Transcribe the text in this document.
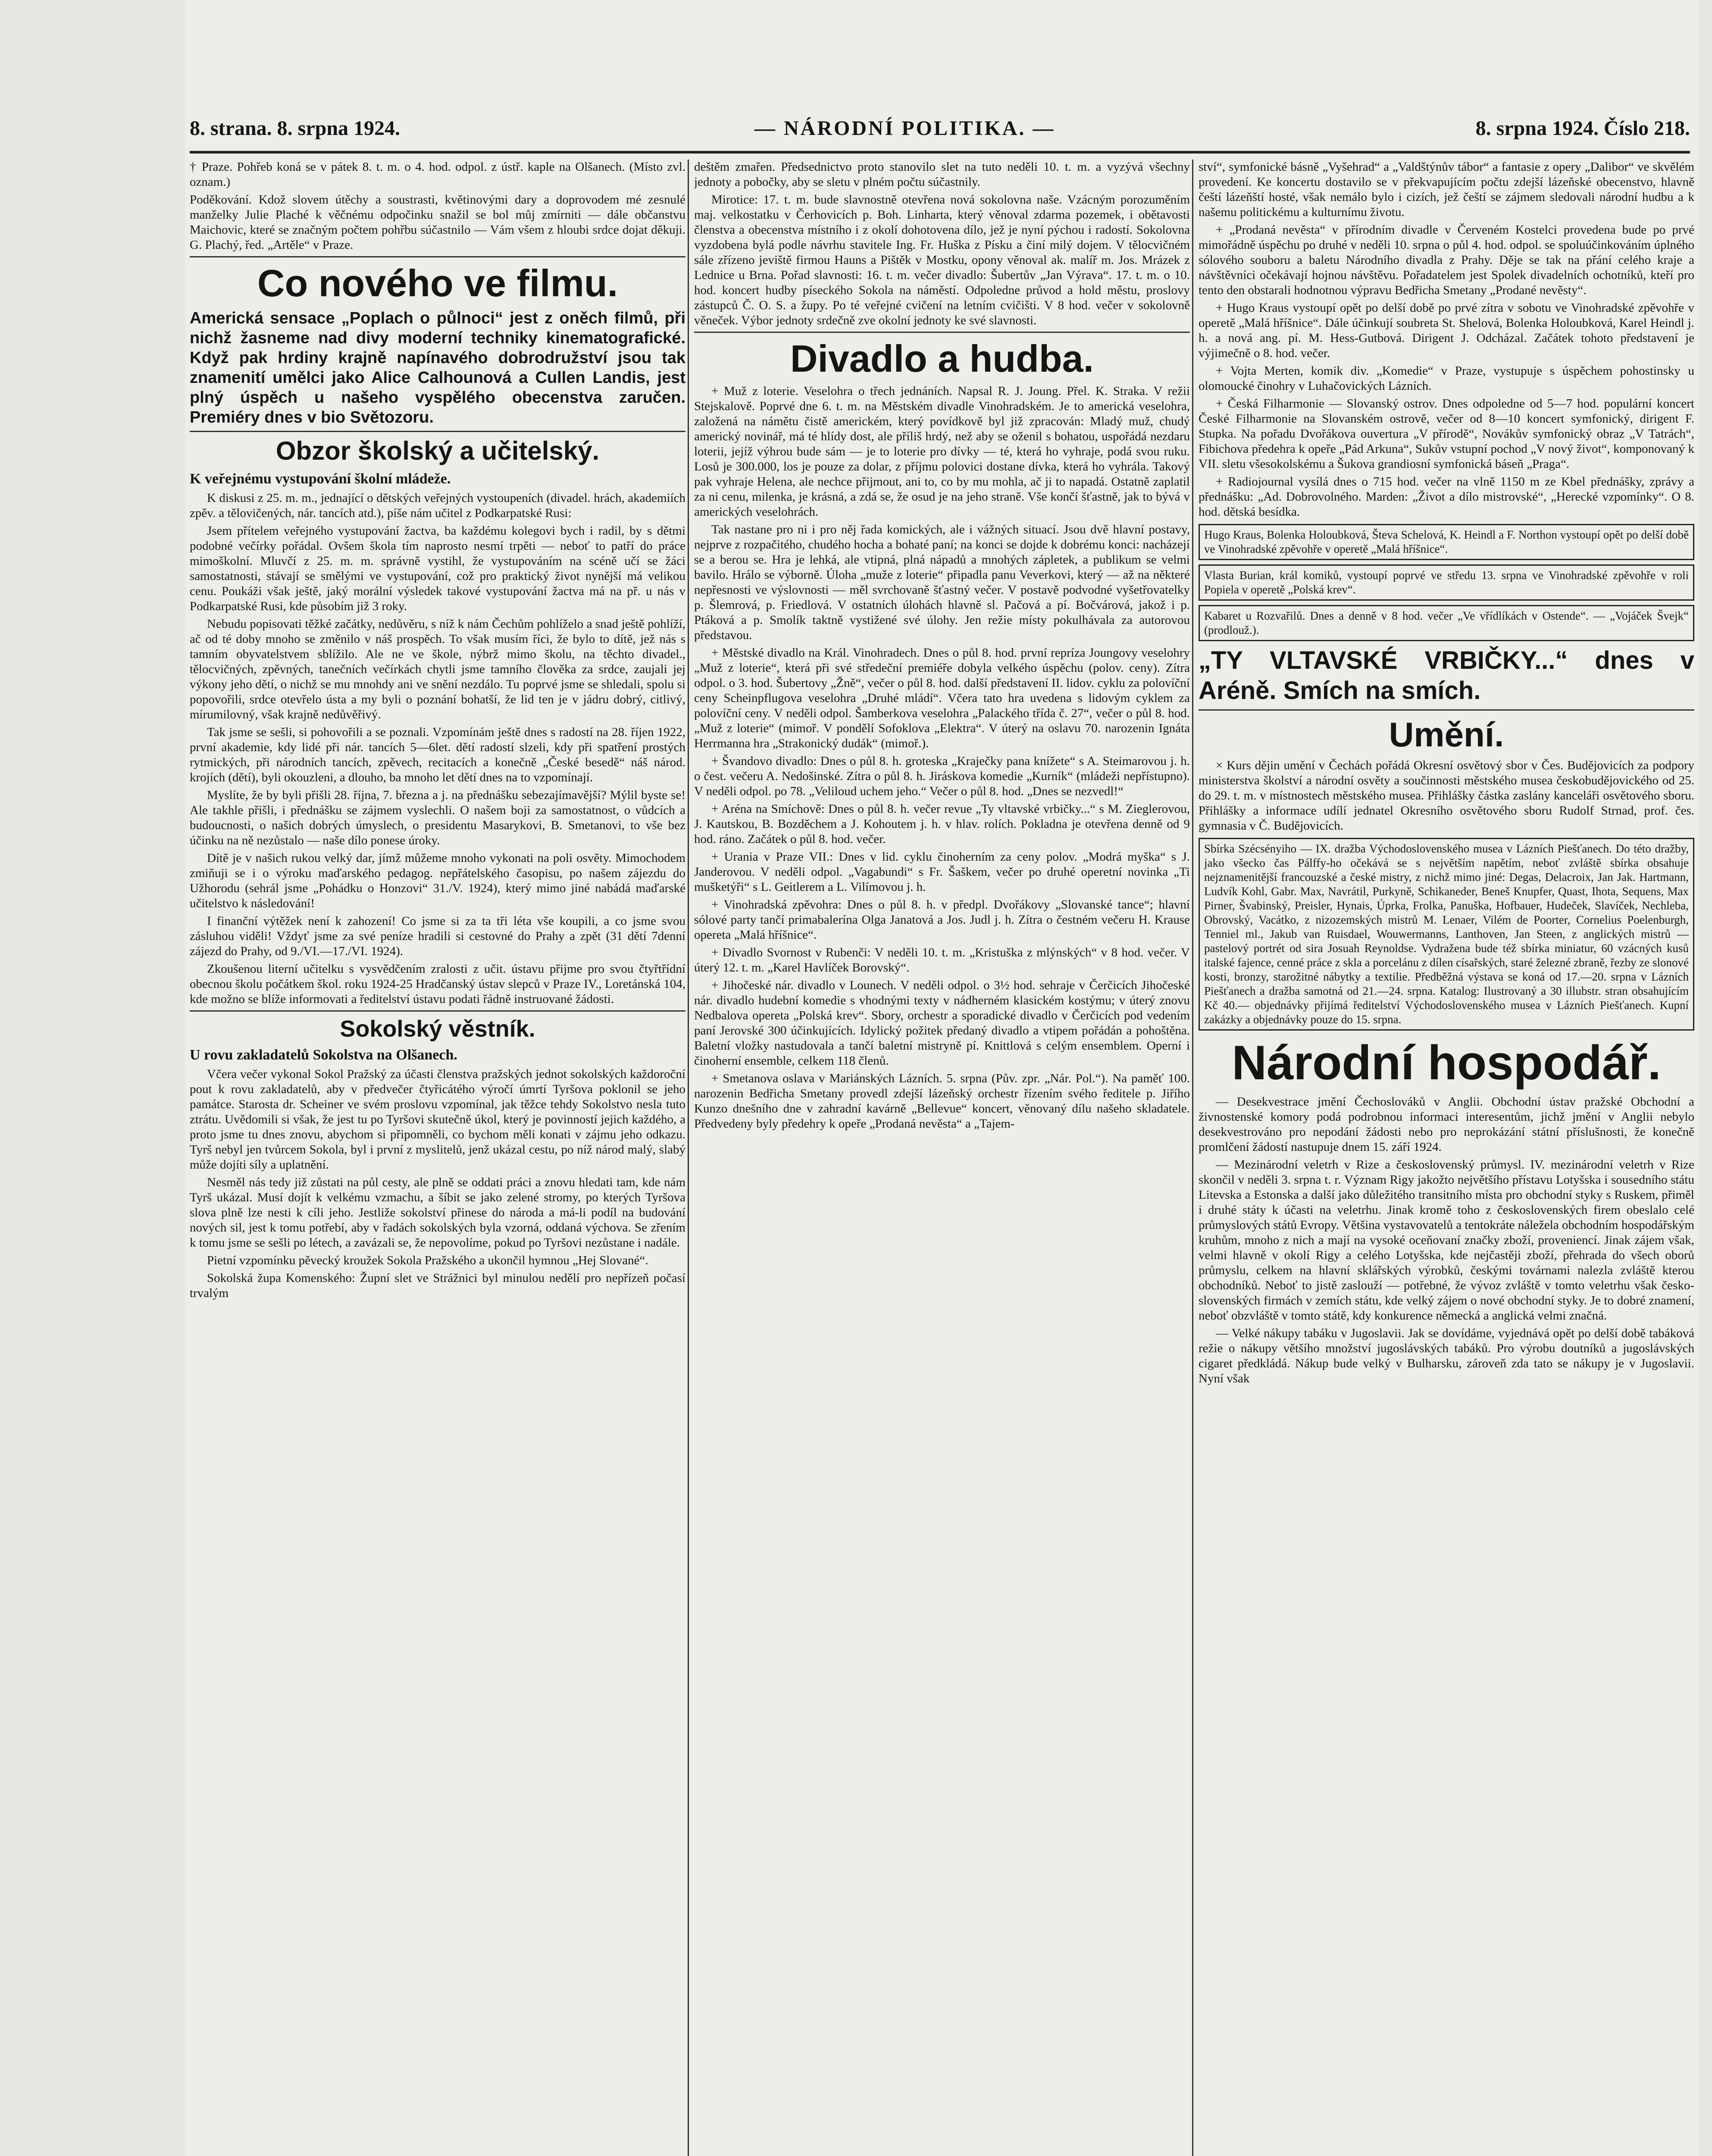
8. strana. 8. srpna 1924.	— NÁRODNÍ POLITIKA. —	8. srpna 1924. Číslo 218.

† Praze. Pohřeb koná se v pátek 8. t. m. o 4. hod. odpol. z ústř. kaple na Olšanech. (Místo zvl. oznam.)

Poděkování. Kdož slovem útěchy a soustrasti, květinovými dary a doprovodem mé zesnulé manželky Julie Plaché k věčnému odpočinku snažil se bol můj zmírniti — dále občanstvu Maichovic, které se značným počtem pohřbu súčastnilo — Vám všem z hloubi srdce dojat děkuji. G. Plachý, řed. „Artěle“ v Praze.

Co nového ve filmu.

Americká sensace „Poplach o půlnoci“ jest z oněch filmů, při nichž žasneme nad divy moderní techniky kinematografické. Když pak hrdiny krajně napínavého dobrodružství jsou tak znamenití umělci jako Alice Calhounová a Cullen Landis, jest plný úspěch u našeho vyspělého obecenstva zaručen. Premiéry dnes v bio Světozoru.

Obzor školský a učitelský.
K veřejnému vystupování školní mládeže.

K diskusi z 25. m. m., jednající o dětských veřejných vystoupeních (divadel. hrách, akademiích zpěv. a tělovičených, nár. tancích atd.), píše nám učitel z Podkarpatské Rusi:

Jsem přítelem veřejného vystupování žactva, ba každému kolegovi bych i radil, by s dětmi podobné večírky pořádal. Ovšem škola tím naprosto nesmí trpěti — neboť to patří do práce mimoškolní. Mluvčí z 25. m. m. správně vystihl, že vystupováním na scéně učí se žáci samostatnosti, stávají se smělými ve vystupování, což pro praktický život nynější má velikou cenu. Poukáži však ještě, jaký morální výsledek takové vystupování žactva má na př. u nás v Podkarpatské Rusi, kde působím již 3 roky.

Nebudu popisovati těžké začátky, nedůvěru, s níž k nám Čechům pohlíželo a snad ještě pohlíží, ač od té doby mnoho se změnilo v náš prospěch. To však musím říci, že bylo to dítě, jež nás s tamním obyvatelstvem sblížilo. Ale ne ve škole, nýbrž mimo školu, na těchto divadel., tělocvičných, zpěvných, tanečních večírkách chytli jsme tamního člověka za srdce, zaujali jej výkony jeho dětí, o nichž se mu mnohdy ani ve snění nezdálo. Tu poprvé jsme se shledali, spolu si popovořili, srdce otevřelo ústa a my byli o poznání bohatší, že lid ten je v jádru dobrý, citlivý, mírumilovný, však krajně nedůvěřivý.

Tak jsme se sešli, si pohovořili a se poznali. Vzpomínám ještě dnes s radostí na 28. říjen 1922, první akademie, kdy lidé při nár. tancích 5—6let. dětí radostí slzeli, kdy při spatření prostých rytmických, při národních tancích, zpěvech, recitacích a konečně „České besedě“ náš národ. krojích (dětí), byli okouzleni, a dlouho, ba mnoho let dětí dnes na to vzpomínají.

Myslíte, že by byli přišli 28. října, 7. března a j. na přednášku sebezajímavější? Mýlil byste se! Ale takhle přišli, i přednášku se zájmem vyslechli. O našem boji za samostatnost, o vůdcích a budoucnosti, o našich dobrých úmyslech, o presidentu Masarykovi, B. Smetanovi, to vše bez účinku na ně nezůstalo — naše dílo ponese úroky.

Dítě je v našich rukou velký dar, jímž můžeme mnoho vykonati na poli osvěty. Mimochodem zmiňuji se i o výroku maďarského pedagog. nepřátelského časopisu, po našem zájezdu do Užhorodu (sehrál jsme „Pohádku o Honzovi“ 31./V. 1924), který mimo jiné nabádá maďarské učitelstvo k následování!

I finanční výtěžek není k zahození! Co jsme si za ta tři léta vše koupili, a co jsme svou zásluhou viděli! Vždyť jsme za své peníze hradili si cestovné do Prahy a zpět (31 dětí 7denní zájezd do Prahy, od 9./VI.—17./VI. 1924).

Zkoušenou literní učitelku s vysvědčením zralosti z učit. ústavu přijme pro svou čtyřtřídní obecnou školu počátkem škol. roku 1924-25 Hradčanský ústav slepců v Praze IV., Loretánská 104, kde možno se blíže informovati a ředitelství ústavu podati řádně instruované žádosti.

Sokolský věstník.
U rovu zakladatelů Sokolstva na Olšanech.

Včera večer vykonal Sokol Pražský za účasti členstva pražských jednot sokolských každoroční pout k rovu zakladatelů, aby v předvečer čtyřicátého výročí úmrtí Tyršova poklonil se jeho památce. Starosta dr. Scheiner ve svém proslovu vzpomínal, jak těžce tehdy Sokolstvo nesla tuto ztrátu. Uvědomili si však, že jest tu po Tyršovi skutečně úkol, který je povinností jejich každého, a proto jsme tu dnes znovu, abychom si připomněli, co bychom měli konati v zájmu jeho odkazu. Tyrš nebyl jen tvůrcem Sokola, byl i první z myslitelů, jenž ukázal cestu, po níž národ malý, slabý může dojíti síly a uplatnění.

Nesměl nás tedy již zůstati na půl cesty, ale plně se oddati práci a znovu hledati tam, kde nám Tyrš ukázal. Musí dojít k velkému vzmachu, a šíbit se jako zelené stromy, po kterých Tyršova slova plně lze nesti k cíli jeho. Jestliže sokolství přinese do národa a má-li podíl na budování nových sil, jest k tomu potřebí, aby v řadách sokolských byla vzorná, oddaná výchova. Se zřením k tomu jsme se sešli po létech, a zavázali se, že nepovolíme, pokud po Tyršovi nezůstane i nadále.

Pietní vzpomínku pěvecký kroužek Sokola Pražského a ukončil hymnou „Hej Slované“.

Sokolská župa Komenského: Župní slet ve Strážnici byl minulou nedělí pro nepřízeň počasí trvalým

deštěm zmařen. Předsednictvo proto stanovilo slet na tuto neděli 10. t. m. a vyzývá všechny jednoty a pobočky, aby se sletu v plném počtu súčastnily.

Mirotice: 17. t. m. bude slavnostně otevřena nová sokolovna naše. Vzácným porozuměním maj. velkostatku v Čerhovicích p. Boh. Linharta, který věnoval zdarma pozemek, i obětavosti členstva a obecenstva místního i z okolí dohotovena dílo, jež je nyní pýchou i radostí. Sokolovna vyzdobena bylá podle návrhu stavitele Ing. Fr. Huška z Písku a činí milý dojem. V tělocvičném sále zřízeno jeviště firmou Hauns a Pištěk v Mostku, opony věnoval ak. malíř m. Jos. Mrázek z Lednice u Brna. Pořad slavnosti: 16. t. m. večer divadlo: Šubertův „Jan Výrava“. 17. t. m. o 10. hod. koncert hudby píseckého Sokola na náměstí. Odpoledne průvod a hold městu, proslovy zástupců Č. O. S. a župy. Po té veřejné cvičení na letním cvičišti. V 8 hod. večer v sokolovně věneček. Výbor jednoty srdečně zve okolní jednoty ke své slavnosti.

Divadlo a hudba.

+ Muž z loterie. Veselohra o třech jednáních. Napsal R. J. Joung. Přel. K. Straka. V režii Stejskalově. Poprvé dne 6. t. m. na Městském divadle Vinohradském. Je to americká veselohra, založená na námětu čistě americkém, který povídkově byl již zpracován: Mladý muž, chudý americký novinář, má té hlídy dost, ale příliš hrdý, než aby se oženil s bohatou, uspořádá nezdaru loterii, jejíž výhrou bude sám — je to loterie pro dívky — té, která ho vyhraje, podá svou ruku. Losů je 300.000, los je pouze za dolar, z příjmu polovici dostane dívka, která ho vyhrála. Takový pak vyhraje Helena, ale nechce přijmout, ani to, co by mu mohla, ač ji to napadá. Ostatně zaplatil za ni cenu, milenka, je krásná, a zdá se, že osud je na jeho straně. Vše končí šťastně, jak to bývá v amerických veselohrách.

Tak nastane pro ni i pro něj řada komických, ale i vážných situací. Jsou dvě hlavní postavy, nejprve z rozpačitého, chudého hocha a bohaté paní; na konci se dojde k dobrému konci: nacházejí se a berou se. Hra je lehká, ale vtipná, plná nápadů a mnohých zápletek, a publikum se velmi bavilo. Hrálo se výborně. Úloha „muže z loterie“ připadla panu Veverkovi, který — až na některé nepřesnosti ve výslovnosti — měl svrchovaně šťastný večer. V postavě podvodné vyšetřovatelky p. Šlemrová, p. Friedlová. V ostatních úlohách hlavně sl. Pačová a pí. Bočvárová, jakož i p. Ptáková a p. Smolík taktně vystižené své úlohy. Jen režie místy pokulhávala za autorovou představou.

+ Městské divadlo na Král. Vinohradech. Dnes o půl 8. hod. první repríza Joungovy veselohry „Muž z loterie“, která při své středeční premiéře dobyla velkého úspěchu (polov. ceny). Zítra odpol. o 3. hod. Šubertovy „Žně“, večer o půl 8. hod. další představení II. lidov. cyklu za polovíční ceny Scheinpflugova veselohra „Druhé mládí“. Včera tato hra uvedena s lidovým cyklem za polovíční ceny. V neděli odpol. Šamberkova veselohra „Palackého třída č. 27“, večer o půl 8. hod. „Muž z loterie“ (mimoř. V pondělí Sofoklova „Elektra“. V úterý na oslavu 70. narozenin Ignáta Herrmanna hra „Strakonický dudák“ (mimoř.).

+ Švandovo divadlo: Dnes o půl 8. h. groteska „Kraječky pana knížete“ s A. Steimarovou j. h. o čest. večeru A. Nedošinské. Zítra o půl 8. h. Jiráskova komedie „Kurník“ (mládeži nepřístupno). V neděli odpol. po 78. „Veliloud uchem jeho.“ Večer o půl 8. hod. „Dnes se nezvedl!“

+ Aréna na Smíchově: Dnes o půl 8. h. večer revue „Ty vltavské vrbičky...“ s M. Zieglerovou, J. Kautskou, B. Bozděchem a J. Kohoutem j. h. v hlav. rolích. Pokladna je otevřena denně od 9 hod. ráno. Začátek o půl 8. hod. večer.

+ Urania v Praze VII.: Dnes v lid. cyklu činoherním za ceny polov. „Modrá myška“ s J. Janderovou. V neděli odpol. „Vagabundi“ s Fr. Šaškem, večer po druhé operetní novinka „Ti mušketýři“ s L. Geitlerem a L. Vilímovou j. h.

+ Vinohradská zpěvohra: Dnes o půl 8. h. v předpl. Dvořákovy „Slovanské tance“; hlavní sólové party tančí primabalerína Olga Janatová a Jos. Judl j. h. Zítra o čestném večeru H. Krause opereta „Malá hříšnice“.

+ Divadlo Svornost v Rubenči: V neděli 10. t. m. „Kristuška z mlýnských“ v 8 hod. večer. V úterý 12. t. m. „Karel Havlíček Borovský“.

+ Jihočeské nár. divadlo v Lounech. V neděli odpol. o 3½ hod. sehraje v Čerčicích Jihočeské nár. divadlo hudební komedie s vhodnými texty v nádherném klasickém kostýmu; v úterý znovu Nedbalova opereta „Polská krev“. Sbory, orchestr a sporadické divadlo v Čerčicích pod vedením paní Jerovské 300 účinkujících. Idylický požitek předaný divadlo a vtipem pořádán a pohoštěna. Baletní vložky nastudovala a tančí baletní mistryně pí. Knittlová s celým ensemblem. Operní i činoherní ensemble, celkem 118 členů.

+ Smetanova oslava v Mariánských Lázních. 5. srpna (Pův. zpr. „Nár. Pol.“). Na paměť 100. narozenin Bedřicha Smetany provedl zdejší lázeňský orchestr řízením svého ředitele p. Jiřího Kunzo dnešního dne v zahradní kavárně „Bellevue“ koncert, věnovaný dílu našeho skladatele. Předvedeny byly předehry k opeře „Prodaná nevěsta“ a „Tajem-

ství“, symfonické básně „Vyšehrad“ a „Valdštýnův tábor“ a fantasie z opery „Dalibor“ ve skvělém provedení. Ke koncertu dostavilo se v překvapujícím počtu zdejší lázeňské obecenstvo, hlavně čeští lázeňští hosté, však nemálo bylo i cizích, jež čeští se zájmem sledovali národní hudbu a k našemu politickému a kulturnímu životu.

+ „Prodaná nevěsta“ v přírodním divadle v Červeném Kostelci provedena bude po prvé mimořádně úspěchu po druhé v neděli 10. srpna o půl 4. hod. odpol. se spoluúčinkováním úplného sólového souboru a baletu Národního divadla z Prahy. Děje se tak na přání celého kraje a návštěvníci očekávají hojnou návštěvu. Pořadatelem jest Spolek divadelních ochotníků, kteří pro tento den obstarali hodnotnou výpravu Bedřicha Smetany „Prodané nevěsty“.

+ Hugo Kraus vystoupí opět po delší době po prvé zítra v sobotu ve Vinohradské zpěvohře v operetě „Malá hříšnice“. Dále účinkují soubreta St. Shelová, Bolenka Holoubková, Karel Heindl j. h. a nová ang. pí. M. Hess-Gutbová. Dirigent J. Odcházal. Začátek tohoto představení je výjimečně o 8. hod. večer.

+ Vojta Merten, komik div. „Komedie“ v Praze, vystupuje s úspěchem pohostinsky u olomoucké činohry v Luhačovických Lázních.

+ Česká Filharmonie — Slovanský ostrov. Dnes odpoledne od 5—7 hod. populární koncert České Filharmonie na Slovanském ostrově, večer od 8—10 koncert symfonický, dirigent F. Stupka. Na pořadu Dvořákova ouvertura „V přírodě“, Novákův symfonický obraz „V Tatrách“, Fibichova předehra k opeře „Pád Arkuna“, Sukův vstupní pochod „V nový život“, komponovaný k VII. sletu všesokolskému a Šukova grandiosní symfonická báseň „Praga“.

+ Radiojournal vysílá dnes o 715 hod. večer na vlně 1150 m ze Kbel přednášky, zprávy a přednášku: „Ad. Dobrovolného. Marden: „Život a dílo mistrovské“, „Herecké vzpomínky“. O 8. hod. dětská besídka.

Hugo Kraus, Bolenka Holoubková, Števa Schelová, K. Heindl a F. Northon vystoupí opět po delší době ve Vinohradské zpěvohře v operetě „Malá hříšnice“.
Vlasta Burian, král komiků, vystoupí poprvé ve středu 13. srpna ve Vinohradské zpěvohře v roli Popiela v operetě „Polská krev“.
Kabaret u Rozvařilů. Dnes a denně v 8 hod. večer „Ve vřídlíkách v Ostende“. — „Vojáček Švejk“ (prodlouž.).
„TY VLTAVSKÉ VRBIČKY...“ dnes v Aréně. Smích na smích.
Umění.

× Kurs dějin umění v Čechách pořádá Okresní osvětový sbor v Čes. Budějovicích za podpory ministerstva školství a národní osvěty a součinnosti městského musea českobudějovického od 25. do 29. t. m. v místnostech městského musea. Přihlášky částka zaslány kanceláři osvětového sboru. Přihlášky a informace udílí jednatel Okresního osvětového sboru Rudolf Strnad, prof. čes. gymnasia v Č. Budějovicích.

Sbírka Szécsényiho — IX. dražba Východoslovenského musea v Lázních Piešťanech. Do této dražby, jako všecko čas Pálffy-ho očekává se s největším napětím, neboť zvláště sbírka obsahuje nejznamenitější francouzské a české mistry, z nichž mimo jiné: Degas, Delacroix, Jan Jak. Hartmann, Ludvík Kohl, Gabr. Max, Navrátil, Purkyně, Schikaneder, Beneš Knupfer, Quast, Ihota, Sequens, Max Pirner, Švabinský, Preisler, Hynais, Úprka, Frolka, Panuška, Hofbauer, Hudeček, Slavíček, Nechleba, Obrovský, Vacátko, z nizozemských mistrů M. Lenaer, Vilém de Poorter, Cornelius Poelenburgh, Tenniel ml., Jakub van Ruisdael, Wouwermanns, Lanthoven, Jan Steen, z anglických mistrů — pastelový portrét od sira Josuah Reynoldse. Vydražena bude též sbírka miniatur, 60 vzácných kusů italské fajence, cenné práce z skla a porcelánu z dílen císařských, staré železné zbraně, řezby ze slonové kosti, bronzy, starožitné nábytky a textilie. Předběžná výstava se koná od 17.—20. srpna v Lázních Piešťanech a dražba samotná od 21.—24. srpna. Katalog: Ilustrovaný a 30 illubstr. stran obsahujícím Kč 40.— objednávky přijímá ředitelství Východoslovenského musea v Lázních Piešťanech. Kupní zakázky a objednávky pouze do 15. srpna.
Národní hospodář.

— Desekvestrace jmění Čechoslováků v Anglii. Obchodní ústav pražské Obchodní a živnostenské komory podá podrobnou informaci interesentům, jichž jmění v Anglii nebylo desekvestrováno pro nepodání žádosti nebo pro neprokázání státní příslušnosti, že konečně promlčení žádostí nastupuje dnem 15. září 1924.

— Mezinárodní veletrh v Rize a československý průmysl. IV. mezinárodní veletrh v Rize skončil v neděli 3. srpna t. r. Význam Rigy jakožto největšího přístavu Lotyšska i sousedního státu Litevska a Estonska a další jako důležitého transitního místa pro obchodní styky s Ruskem, přiměl i druhé státy k účasti na veletrhu. Jinak kromě toho z československých firem obeslalo celé průmyslových států Evropy. Většina vystavovatelů a tentokráte náležela obchodním hospodářským kruhům, mnoho z nich a mají na vysoké oceňovaní značky zboží, proveniencí. Jinak zájem však, velmi hlavně v okolí Rigy a celého Lotyšska, kde nejčastěji zboží, přehrada do všech oborů průmyslu, celkem na hlavní sklářských výrobků, českými továrnami nalezla zvláště kterou obchodníků. Neboť to jistě zaslouží — potřebné, že vývoz zvláště v tomto veletrhu však česko-slovenských firmách v zemích státu, kde velký zájem o nové obchodní styky. Je to dobré znamení, neboť obzvláště v tomto státě, kdy konkurence německá a anglická velmi značná.

— Velké nákupy tabáku v Jugoslavii. Jak se dovídáme, vyjednává opět po delší době tabáková režie o nákupy většího množství jugoslávských tabáků. Pro výrobu doutníků a jugoslávských cigaret předkládá. Nákup bude velký v Bulharsku, zároveň zda tato se nákupy je v Jugoslavii. Nyní však
